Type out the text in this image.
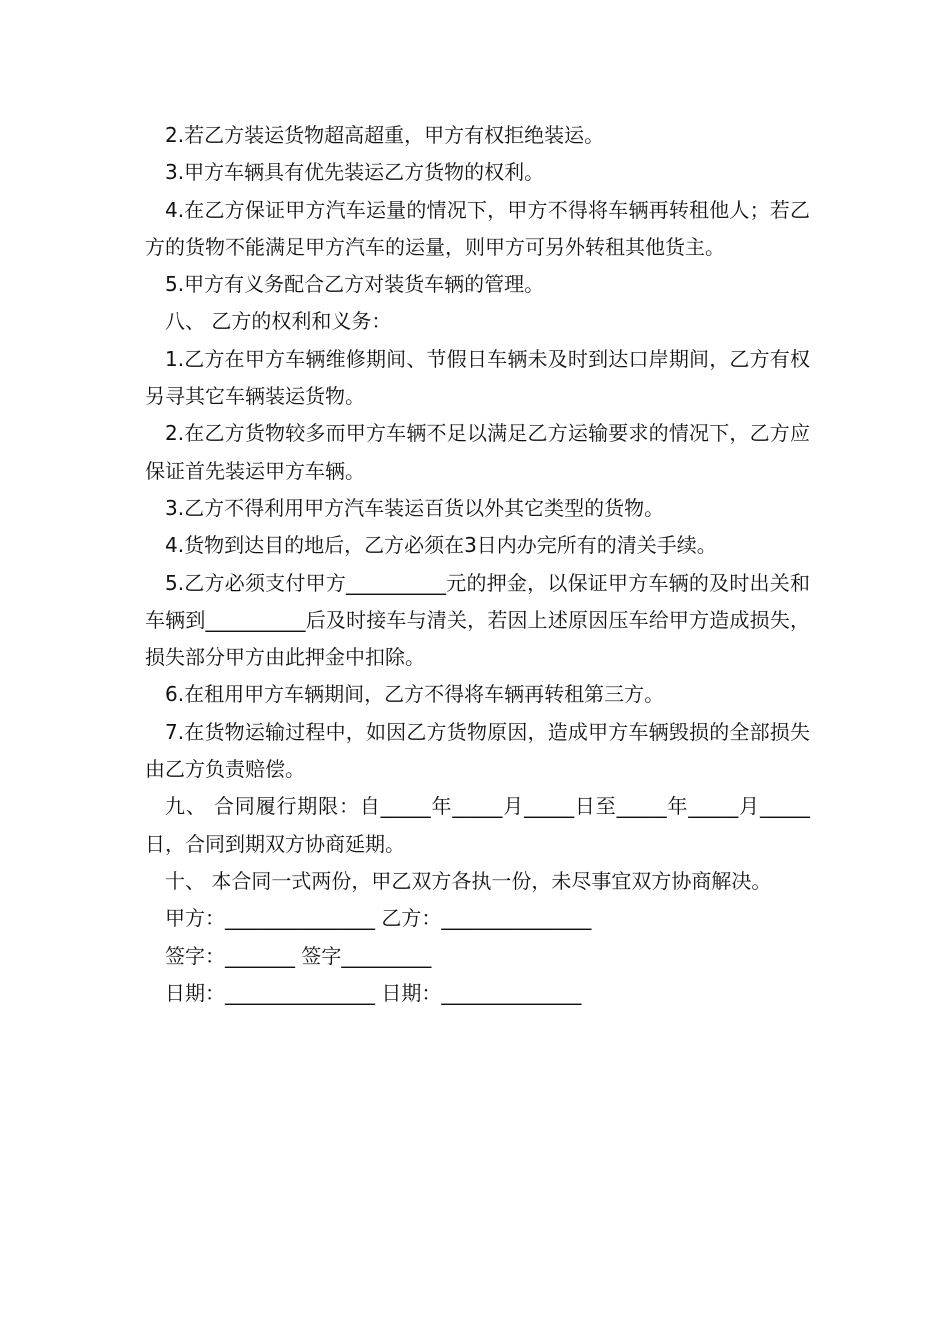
2.若乙方装运货物超高超重，甲方有权拒绝装运。

3.甲方车辆具有优先装运乙方货物的权利。

4.在乙方保证甲方汽车运量的情况下，甲方不得将车辆再转租他人；若乙方的货物不能满足甲方汽车的运量，则甲方可另外转租其他货主。

5.甲方有义务配合乙方对装货车辆的管理。

八、 乙方的权利和义务：

1.乙方在甲方车辆维修期间、节假日车辆未及时到达口岸期间，乙方有权另寻其它车辆装运货物。

2.在乙方货物较多而甲方车辆不足以满足乙方运输要求的情况下，乙方应保证首先装运甲方车辆。

3.乙方不得利用甲方汽车装运百货以外其它类型的货物。

4.货物到达目的地后，乙方必须在3日内办完所有的清关手续。

5.乙方必须支付甲方__________元的押金，以保证甲方车辆的及时出关和车辆到__________后及时接车与清关，若因上述原因压车给甲方造成损失，损失部分甲方由此押金中扣除。

6.在租用甲方车辆期间，乙方不得将车辆再转租第三方。

7.在货物运输过程中，如因乙方货物原因，造成甲方车辆毁损的全部损失由乙方负责赔偿。

九、 合同履行期限：自_____年_____月_____日至_____年_____月_____日，合同到期双方协商延期。

十、 本合同一式两份，甲乙双方各执一份，未尽事宜双方协商解决。

甲方：_______________ 乙方：_______________

签字：_______ 签字_________

日期：_______________ 日期：______________
